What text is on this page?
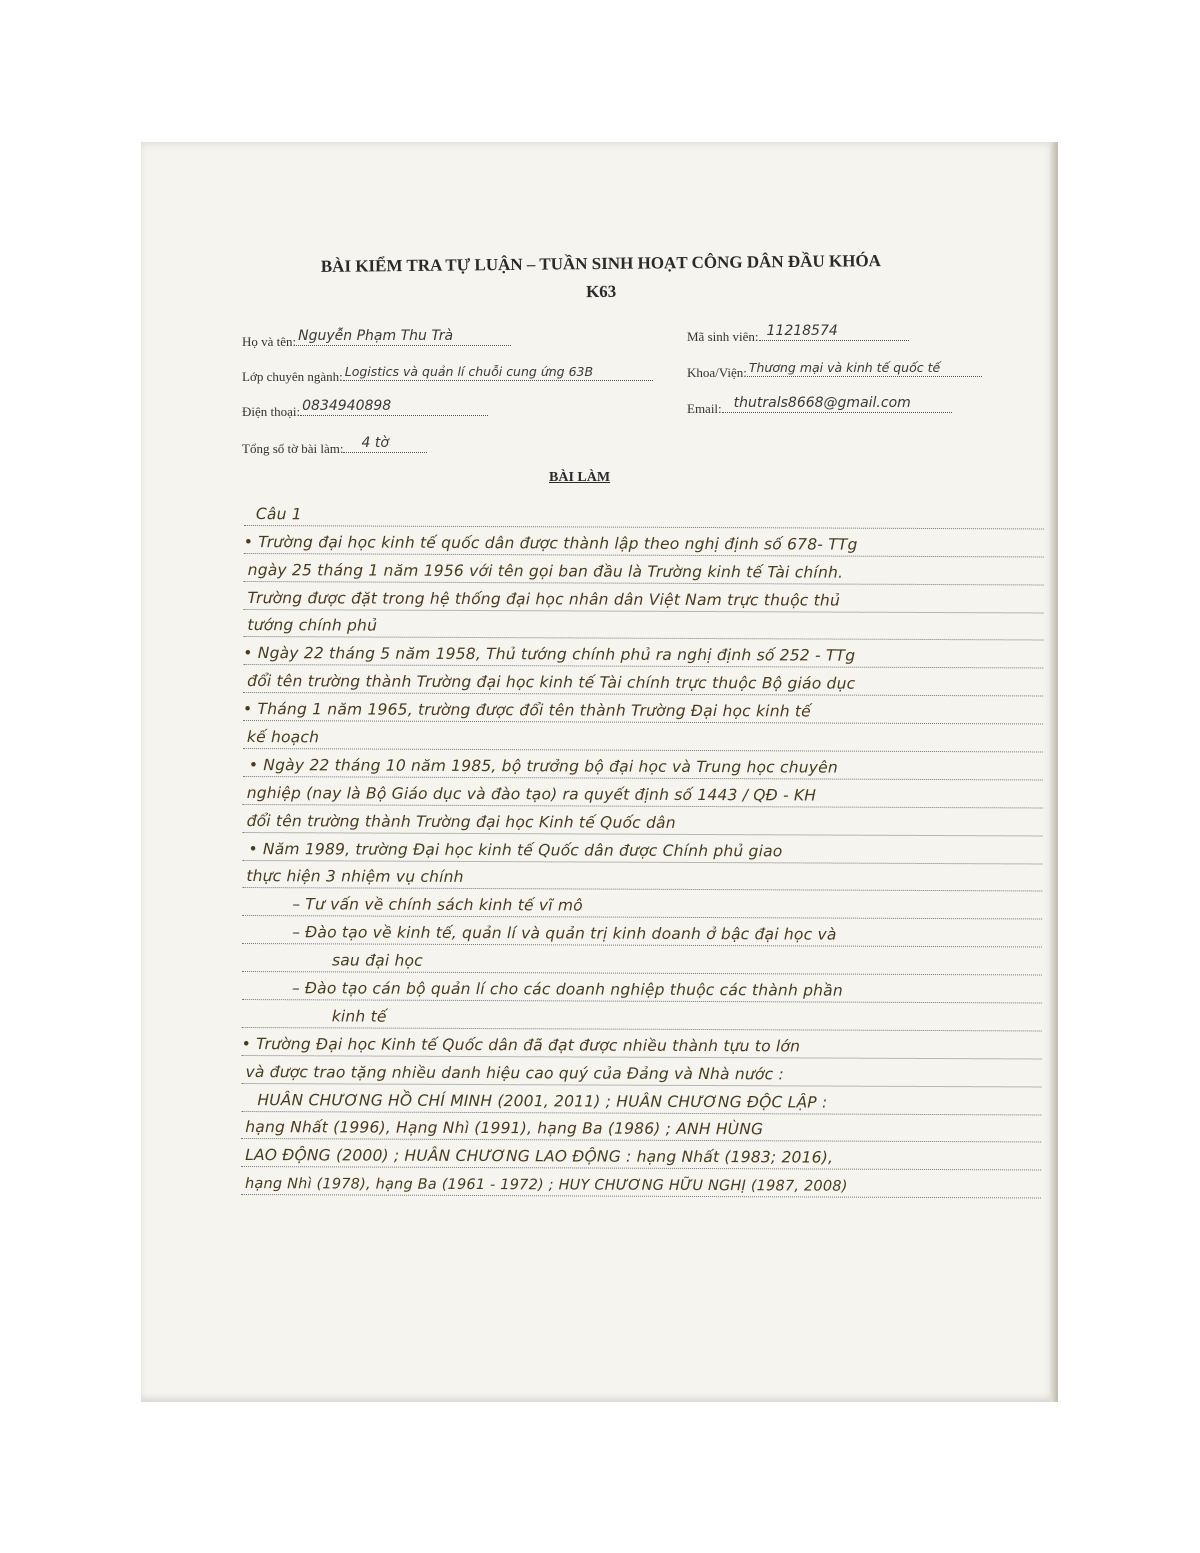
BÀI KIỂM TRA TỰ LUẬN – TUẦN SINH HOẠT CÔNG DÂN ĐẦU KHÓA
K63
Họ và tên: Nguyễn Phạm Thu Trà
Lớp chuyên ngành: Logistics và quản lí chuỗi cung ứng 63B
Điện thoại: 0834940898
Tổng số tờ bài làm: 4 tờ
Mã sinh viên: 11218574
Khoa/Viện: Thương mại và kinh tế quốc tế
Email: thutrals8668@gmail.com
BÀI LÀM
Câu 1
• Trường đại học kinh tế quốc dân được thành lập theo nghị định số 678- TTg
ngày 25 tháng 1 năm 1956 với tên gọi ban đầu là Trường kinh tế Tài chính.
Trường được đặt trong hệ thống đại học nhân dân Việt Nam trực thuộc thủ
tướng chính phủ
• Ngày 22 tháng 5 năm 1958, Thủ tướng chính phủ ra nghị định số 252 - TTg
đổi tên trường thành Trường đại học kinh tế Tài chính trực thuộc Bộ giáo dục
• Tháng 1 năm 1965, trường được đổi tên thành Trường Đại học kinh tế
kế hoạch
• Ngày 22 tháng 10 năm 1985, bộ trưởng bộ đại học và Trung học chuyên
nghiệp (nay là Bộ Giáo dục và đào tạo) ra quyết định số 1443 / QĐ - KH
đổi tên trường thành Trường đại học Kinh tế Quốc dân
• Năm 1989, trường Đại học kinh tế Quốc dân được Chính phủ giao
thực hiện 3 nhiệm vụ chính
– Tư vấn về chính sách kinh tế vĩ mô
– Đào tạo về kinh tế, quản lí và quản trị kinh doanh ở bậc đại học và
sau đại học
– Đào tạo cán bộ quản lí cho các doanh nghiệp thuộc các thành phần
kinh tế
• Trường Đại học Kinh tế Quốc dân đã đạt được nhiều thành tựu to lớn
và được trao tặng nhiều danh hiệu cao quý của Đảng và Nhà nước :
HUÂN CHƯƠNG HỒ CHÍ MINH (2001, 2011) ; HUÂN CHƯƠNG ĐỘC LẬP :
hạng Nhất (1996), Hạng Nhì (1991), hạng Ba (1986) ; ANH HÙNG
LAO ĐỘNG (2000) ; HUÂN CHƯƠNG LAO ĐỘNG : hạng Nhất (1983; 2016),
hạng Nhì (1978), hạng Ba (1961 - 1972) ; HUY CHƯƠNG HỮU NGHỊ (1987, 2008)
